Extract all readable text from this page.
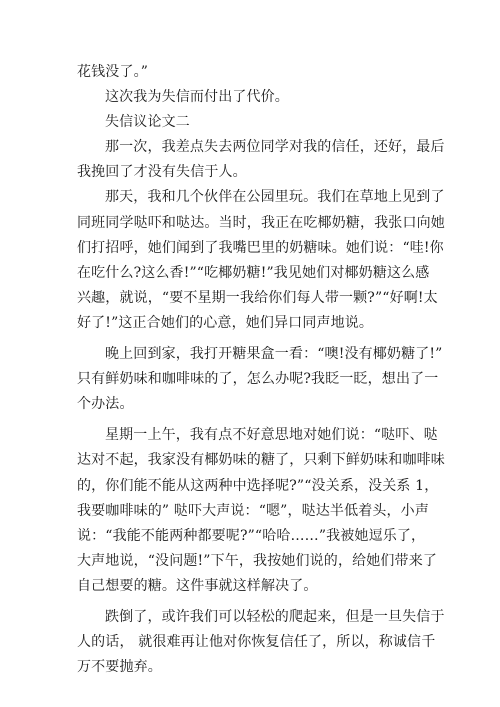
花钱没了。”
这次我为失信而付出了代价。
失信议论文二
那一次，我差点失去两位同学对我的信任，还好，最后
我挽回了才没有失信于人。
那天，我和几个伙伴在公园里玩。我们在草地上见到了
同班同学哒吓和哒达。当时，我正在吃椰奶糖，我张口向她
们打招呼，她们闻到了我嘴巴里的奶糖味。她们说：“哇!你
在吃什么?这么香!”“吃椰奶糖!”我见她们对椰奶糖这么感
兴趣，就说，“要不星期一我给你们每人带一颗?”“好啊!太
好了!”这正合她们的心意，她们异口同声地说。
晚上回到家，我打开糖果盒一看：“噢!没有椰奶糖了!”
只有鲜奶味和咖啡味的了，怎么办呢?我眨一眨，想出了一
个办法。
星期一上午，我有点不好意思地对她们说：“哒吓、哒
达对不起，我家没有椰奶味的糖了，只剩下鲜奶味和咖啡味
的，你们能不能从这两种中选择呢?”“没关系，没关系 1，
我要咖啡味的” 哒吓大声说：“嗯”，哒达半低着头，小声
说：“我能不能两种都要呢?”“哈哈……”我被她逗乐了，
大声地说，“没问题!”下午，我按她们说的，给她们带来了
自己想要的糖。这件事就这样解决了。
跌倒了，或许我们可以轻松的爬起来，但是一旦失信于
人的话， 就很难再让他对你恢复信任了，所以，称诚信千
万不要抛弃。
